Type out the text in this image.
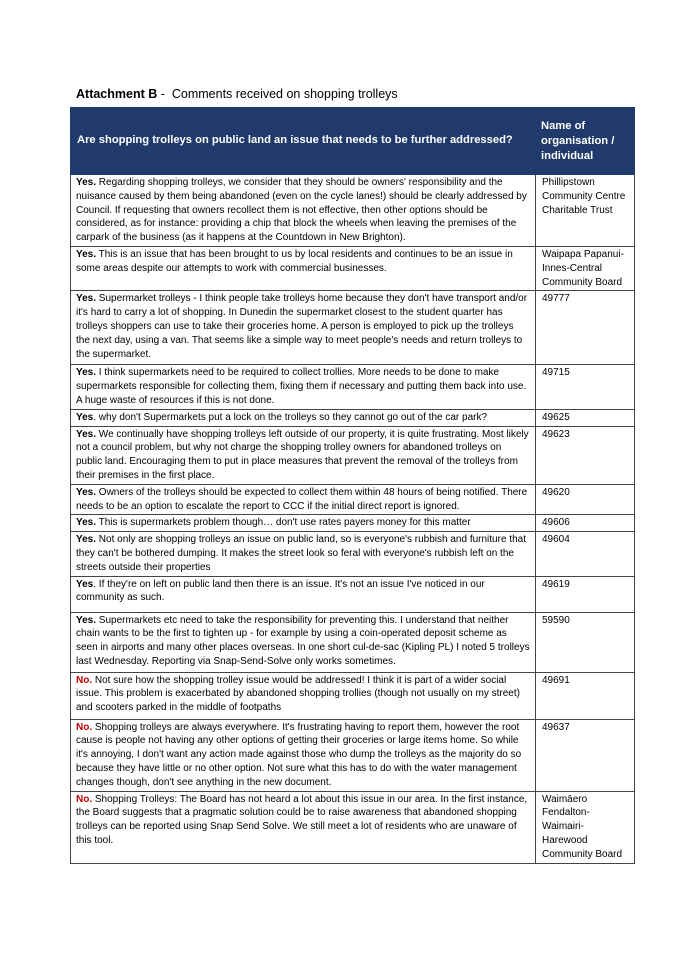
Attachment B -  Comments received on shopping trolleys
Are shopping trolleys on public land an issue that needs to be further addressed?	Name of organisation / individual
Yes. Regarding shopping trolleys, we consider that they should be owners' responsibility and the nuisance caused by them being abandoned (even on the cycle lanes!) should be clearly addressed by Council. If requesting that owners recollect them is not effective, then other options should be considered, as for instance: providing a chip that block the wheels when leaving the premises of the carpark of the business (as it happens at the Countdown in New Brighton).	Phillipstown Community Centre Charitable Trust
Yes. This is an issue that has been brought to us by local residents and continues to be an issue in some areas despite our attempts to work with commercial businesses.	Waipapa Papanui-Innes-Central Community Board
Yes. Supermarket trolleys - I think people take trolleys home because they don't have transport and/or it's hard to carry a lot of shopping. In Dunedin the supermarket closest to the student quarter has trolleys shoppers can use to take their groceries home. A person is employed to pick up the trolleys the next day, using a van. That seems like a simple way to meet people's needs and return trolleys to the supermarket.	49777
Yes. I think supermarkets need to be required to collect trollies. More needs to be done to make supermarkets responsible for collecting them, fixing them if necessary and putting them back into use. A huge waste of resources if this is not done.	49715
Yes. why don't Supermarkets put a lock on the trolleys so they cannot go out of the car park?	49625
Yes. We continually have shopping trolleys left outside of our property, it is quite frustrating. Most likely not a council problem, but why not charge the shopping trolley owners for abandoned trolleys on public land. Encouraging them to put in place measures that prevent the removal of the trolleys from their premises in the first place.	49623
Yes. Owners of the trolleys should be expected to collect them within 48 hours of being notified. There needs to be an option to escalate the report to CCC if the initial direct report is ignored.	49620
Yes. This is supermarkets problem though… don't use rates payers money for this matter	49606
Yes. Not only are shopping trolleys an issue on public land, so is everyone's rubbish and furniture that they can't be bothered dumping. It makes the street look so feral with everyone's rubbish left on the streets outside their properties	49604
Yes. If they're on left on public land then there is an issue. It's not an issue I've noticed in our community as such.	49619
Yes. Supermarkets etc need to take the responsibility for preventing this. I understand that neither chain wants to be the first to tighten up - for example by using a coin-operated deposit scheme as seen in airports and many other places overseas. In one short cul-de-sac (Kipling PL) I noted 5 trolleys last Wednesday. Reporting via Snap-Send-Solve only works sometimes.	59590
No. Not sure how the shopping trolley issue would be addressed! I think it is part of a wider social issue. This problem is exacerbated by abandoned shopping trollies (though not usually on my street) and scooters parked in the middle of footpaths	49691
No. Shopping trolleys are always everywhere. It's frustrating having to report them, however the root cause is people not having any other options of getting their groceries or large items home. So while it's annoying, I don't want any action made against those who dump the trolleys as the majority do so because they have little or no other option. Not sure what this has to do with the water management changes though, don't see anything in the new document.	49637
No. Shopping Trolleys: The Board has not heard a lot about this issue in our area. In the first instance, the Board suggests that a pragmatic solution could be to raise awareness that abandoned shopping trolleys can be reported using Snap Send Solve. We still meet a lot of residents who are unaware of this tool.	Waimāero Fendalton-Waimairi-Harewood Community Board
